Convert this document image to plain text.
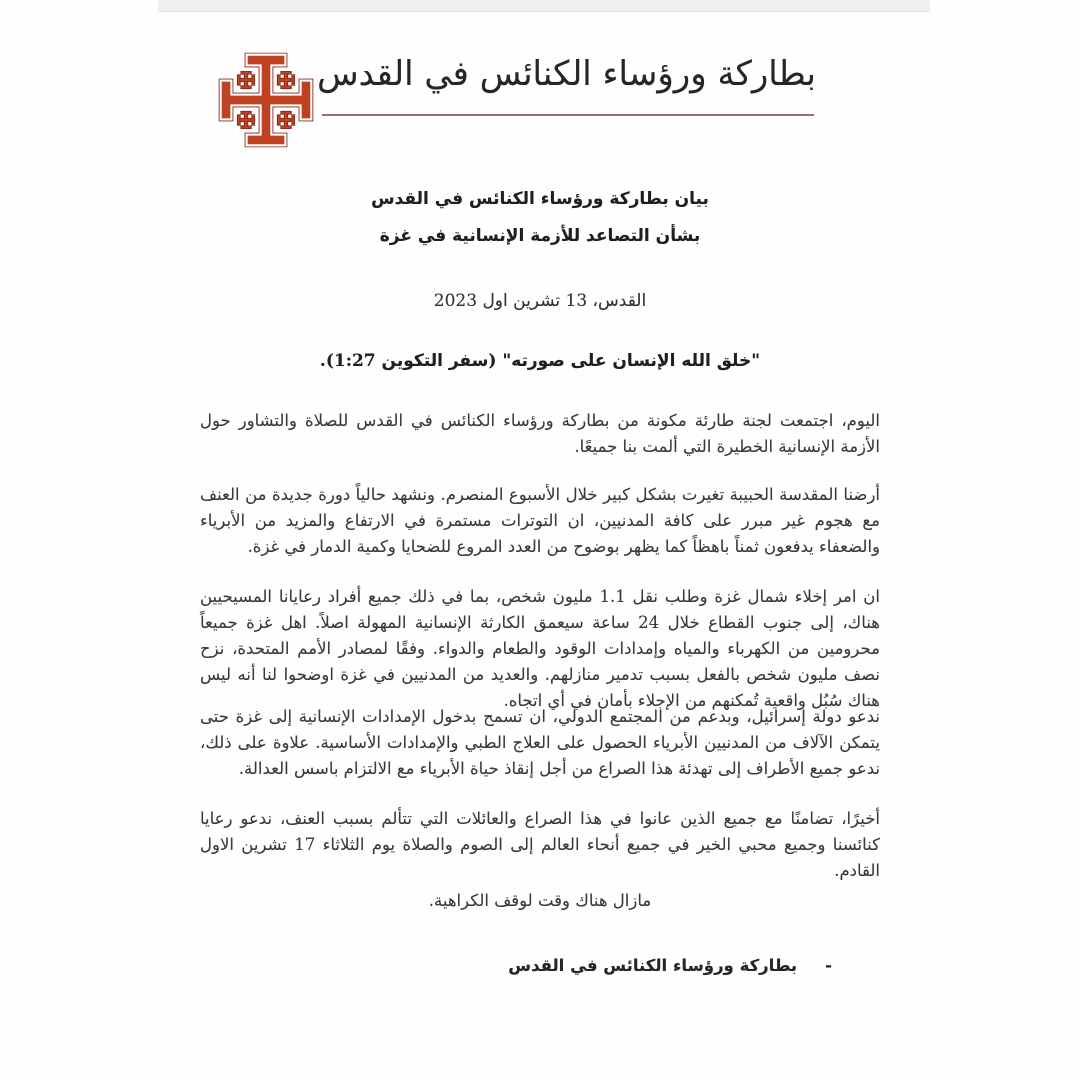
بطاركة ورؤساء الكنائس في القدس
بيان بطاركة ورؤساء الكنائس في القدس
بشأن التصاعد للأزمة الإنسانية في غزة
القدس، 13 تشرين اول 2023
"خلق الله الإنسان على صورته" (سفر التكوين 1:27).

اليوم، اجتمعت لجنة طارئة مكونة من بطاركة ورؤساء الكنائس في القدس للصلاة والتشاور حول الأزمة الإنسانية الخطيرة التي ألمت بنا جميعًا.

أرضنا المقدسة الحبيبة تغيرت بشكل كبير خلال الأسبوع المنصرم. ونشهد حالياً دورة جديدة من العنف مع هجوم غير مبرر على كافة المدنيين، ان التوترات مستمرة في الارتفاع والمزيد من الأبرياء والضعفاء يدفعون ثمناً باهظاً كما يظهر بوضوح من العدد المروع للضحايا وكمية الدمار في غزة.

ان امر إخلاء شمال غزة وطلب نقل 1.1 مليون شخص، بما في ذلك جميع أفراد رعايانا المسيحيين هناك، إلى جنوب القطاع خلال 24 ساعة سيعمق الكارثة الإنسانية المهولة اصلاً. اهل غزة جميعاً محرومين من الكهرباء والمياه وإمدادات الوقود والطعام والدواء. وفقًا لمصادر الأمم المتحدة، نزح نصف مليون شخص بالفعل بسبب تدمير منازلهم. والعديد من المدنيين في غزة اوضحوا لنا أنه ليس هناك سُبُل واقعية تُمكنهم من الإجلاء بأمان في أي اتجاه.

ندعو دولة إسرائيل، وبدعم من المجتمع الدولي، ان تسمح بدخول الإمدادات الإنسانية إلى غزة حتى يتمكن الآلاف من المدنيين الأبرياء الحصول على العلاج الطبي والإمدادات الأساسية. علاوة على ذلك، ندعو جميع الأطراف إلى تهدئة هذا الصراع من أجل إنقاذ حياة الأبرياء مع الالتزام باسس العدالة.

أخيرًا، تضامنًا مع جميع الذين عانوا في هذا الصراع والعائلات التي تتألم بسبب العنف، ندعو رعايا كنائسنا وجميع محبي الخير في جميع أنحاء العالم إلى الصوم والصلاة يوم الثلاثاء 17 تشرين الاول القادم.

مازال هناك وقت لوقف الكراهية.
-بطاركة ورؤساء الكنائس في القدس
